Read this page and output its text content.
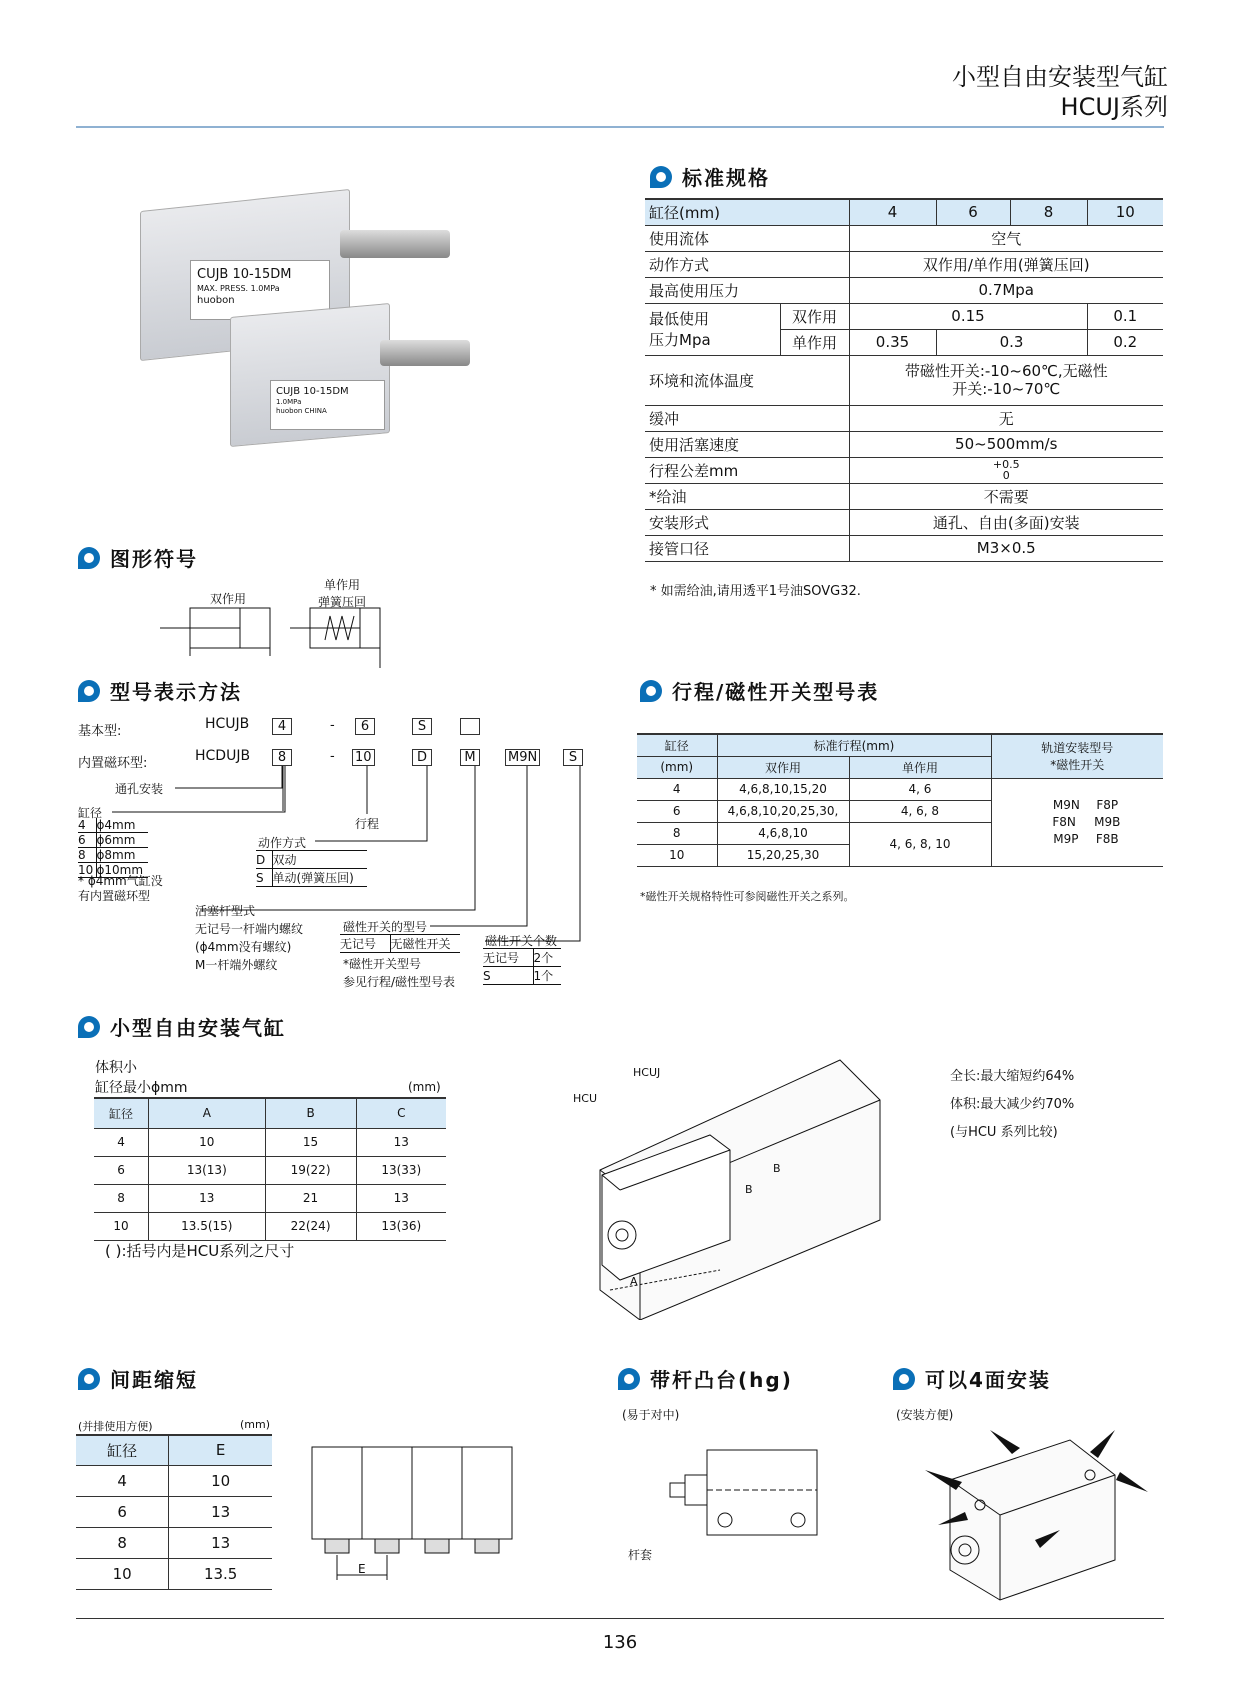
小型自由安装型气缸
HCUJ系列
CUJB 10-15DM
MAX. PRESS. 1.0MPa
huobon
CUJB 10-15DM
1.0MPa
huobon CHINA
标准规格
缸径(mm)		4	6	8	10
使用流体		空气			
动作方式		双作用/单作用(弹簧压回)			
最高使用压力		0.7Mpa			

最低使用
压力Mpa	双作用	0.15			0.1
	单作用	0.35	0.3		0.2
环境和流体温度		带磁性开关:-10~60℃,无磁性
开关:-10~70℃			

缓冲		无			
使用活塞速度		50~500mm/s			
行程公差mm		+0.5
0			

*给油		不需要			
安装形式		通孔、自由(多面)安装			
接管口径		M3×0.5			
* 如需给油,请用透平1号油SOVG32.
图形符号
双作用
单作用
弹簧压回
型号表示方法
基本型:	HCUJB	4	-	6	S
内置磁环型:	HCDUJB	8	- 10	D	M	M9N	S
通孔安装
行程
缸径
4	ϕ4mm
6	ϕ6mm
8	ϕ8mm
10	ϕ10mm
* ϕ4mm气缸没
有内置磁环型
动作方式
D	双动
S	单动(弹簧压回)
活塞杆型式
无记号一杆端内螺纹
(ϕ4mm没有螺纹)
M一杆端外螺纹
磁性开关的型号
无记号	无磁性开关
*磁性开关型号
参见行程/磁性型号表
磁性开关个数
无记号	2个
S	1个
行程/磁性开关型号表
缸径	标准行程(mm)		轨道安装型号
*磁性开关

(mm)	双作用	单作用	
4	4,6,8,10,15,20	4, 6	M9N F8P
F8N M9B
M9P F8B

6	4,6,8,10,20,25,30,	4, 6, 8	
8	4,6,8,10	4, 6, 8, 10	
10	15,20,25,30		
*磁性开关规格特性可参阅磁性开关之系列。
小型自由安装气缸
体积小
缸径最小ϕmm	(mm)
缸径	A	B	C
4	10	15	13
6	13(13)	19(22)	13(33)
8	13	21	13
10	13.5(15)	22(24)	13(36)
( ):括号内是HCU系列之尺寸
HCUJ
HCU
B
B
A
全长:最大缩短约64%
体积:最大减少约70%
(与HCU 系列比较)
间距缩短
(并排使用方便)	(mm)
缸径	E
4	10
6	13
8	13
10	13.5	E
带杆凸台(hg)
(易于对中)
杆套
可以4面安装
(安装方便)
136
